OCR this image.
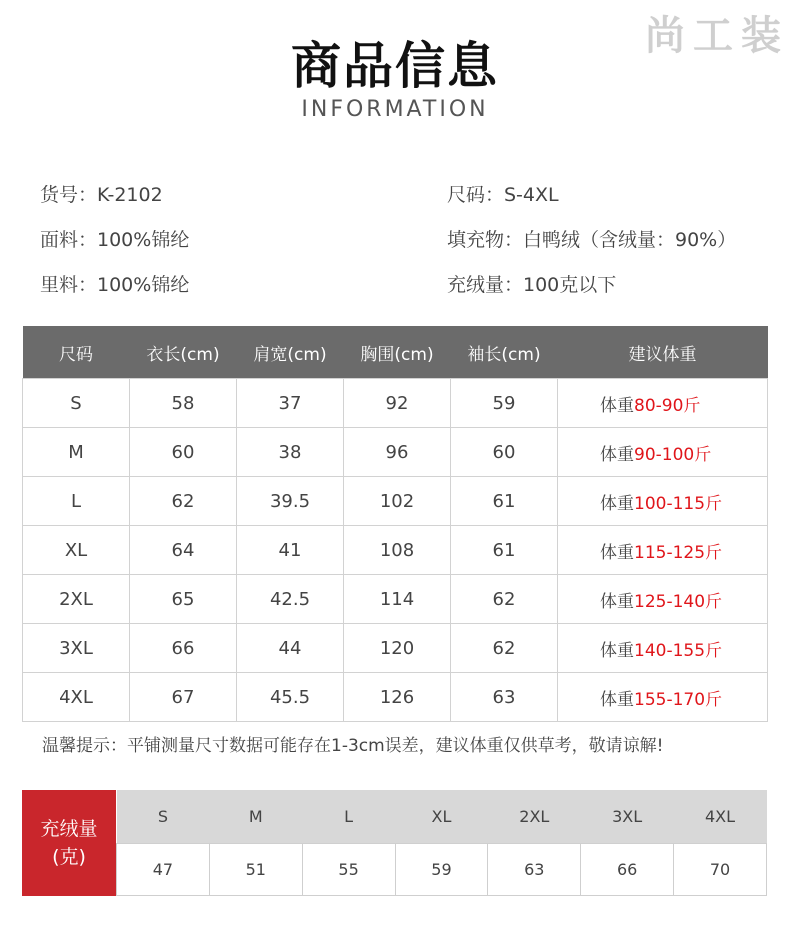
尚工装
商品信息
INFORMATION
货号：K-2102	尺码：S-4XL
面料：100%锦纶	填充物：白鸭绒（含绒量：90%）
里料：100%锦纶	充绒量：100克以下
尺码	衣长(cm)	肩宽(cm)	胸围(cm)	袖长(cm)	建议体重
S	58	37	92	59	体重80-90斤
M	60	38	96	60	体重90-100斤
L	62	39.5	102	61	体重100-115斤
XL	64	41	108	61	体重115-125斤
2XL	65	42.5	114	62	体重125-140斤
3XL	66	44	120	62	体重140-155斤
4XL	67	45.5	126	63	体重155-170斤
温馨提示：平铺测量尺寸数据可能存在1-3cm误差，建议体重仅供草考，敬请谅解!
充绒量
(克)
S	M	L	XL	2XL	3XL	4XL
47	51	55	59	63	66	70
